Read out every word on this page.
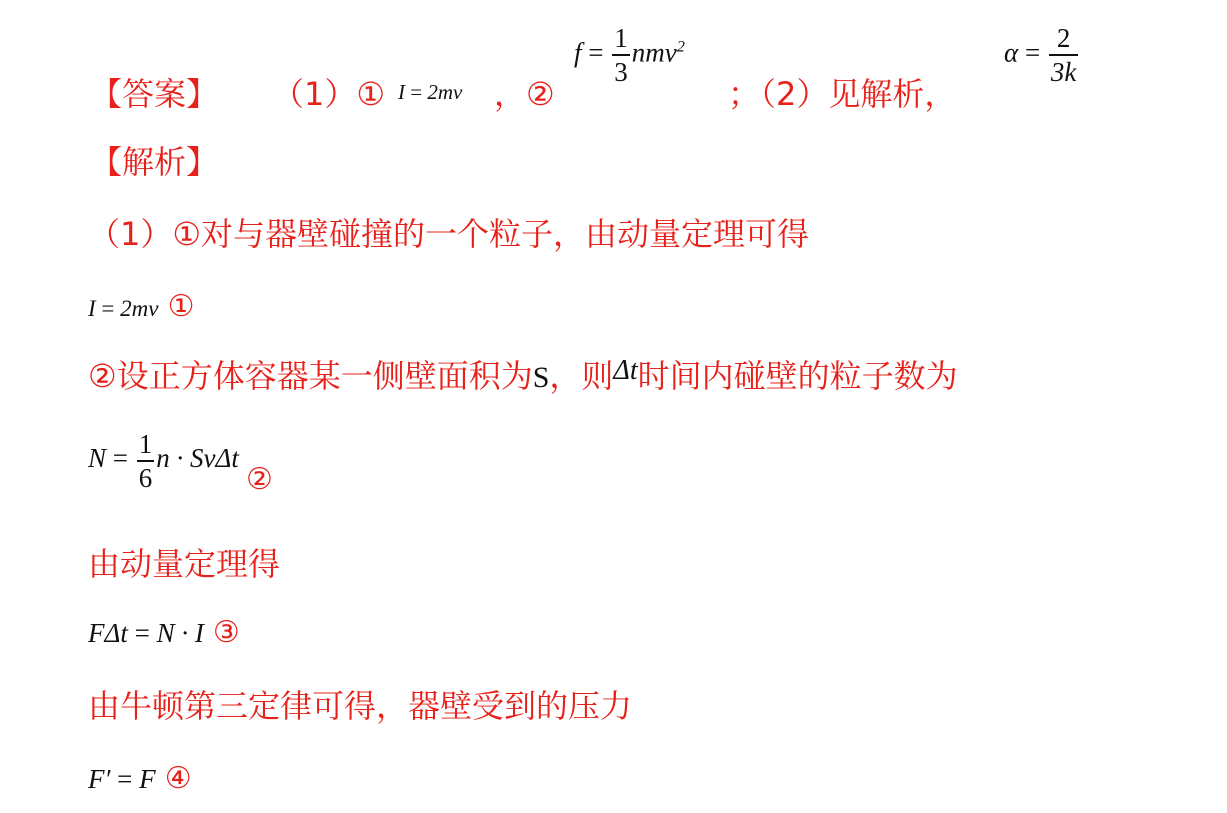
【答案】 （1）① I = 2mv ，②
$f = \frac{1}{3} nmv^2$
；（2）见解析，
$\alpha = \frac{2}{3k}$
【解析】
（1）①对与器壁碰撞的一个粒子，由动量定理可得
I = 2mv ①
②设正方体容器某一侧壁面积为S，则Δt时间内碰壁的粒子数为
$N = \frac{1}{6}$ n · SvΔt ②
由动量定理得
FΔt = N · I ③
由牛顿第三定律可得，器壁受到的压力
F′ = F ④
